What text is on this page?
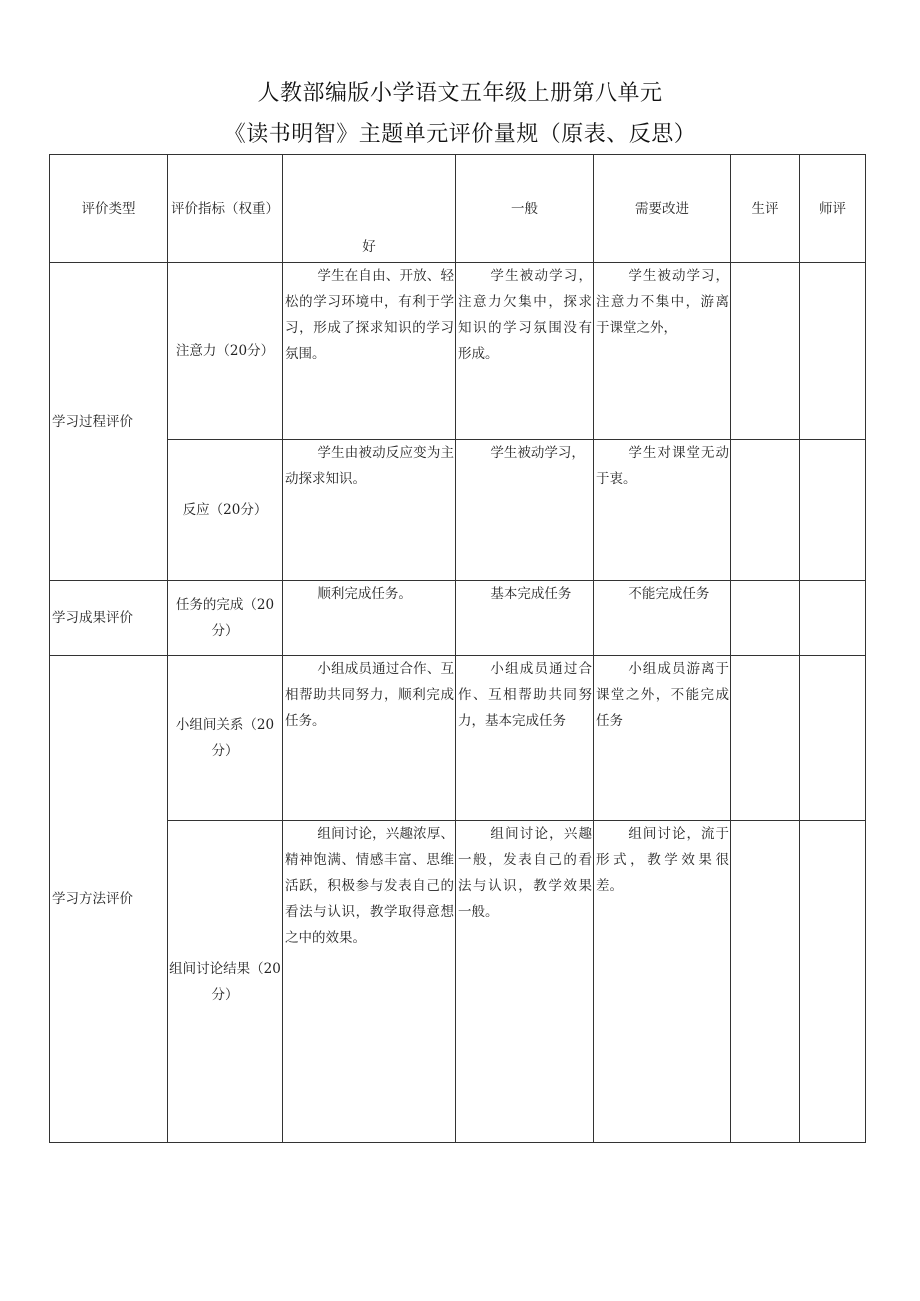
人教部编版小学语文五年级上册第八单元
《读书明智》主题单元评价量规（原表、反思）
评价类型	评价指标（权重）	好	一般	需要改进	生评	师评
学习过程评价	注意力（20分）	学生在自由、开放、轻松的学习环境中，有利于学习，形成了探求知识的学习氛围。	学生被动学习，注意力欠集中，探求知识的学习氛围没有形成。	学生被动学习，注意力不集中，游离于课堂之外，		
	反应（20分）	学生由被动反应变为主动探求知识。	学生被动学习，	学生对课堂无动于衷。		
学习成果评价	任务的完成（20分）	顺利完成任务。	基本完成任务	不能完成任务		
学习方法评价	小组间关系（20分）	小组成员通过合作、互相帮助共同努力，顺利完成任务。	小组成员通过合作、互相帮助共同努力，基本完成任务	小组成员游离于课堂之外，不能完成任务		
	组间讨论结果（20分）	组间讨论，兴趣浓厚、精神饱满、情感丰富、思维活跃，积极参与发表自己的看法与认识，教学取得意想之中的效果。	组间讨论，兴趣一般，发表自己的看法与认识，教学效果一般。	组间讨论，流于形式，教学效果很差。		
